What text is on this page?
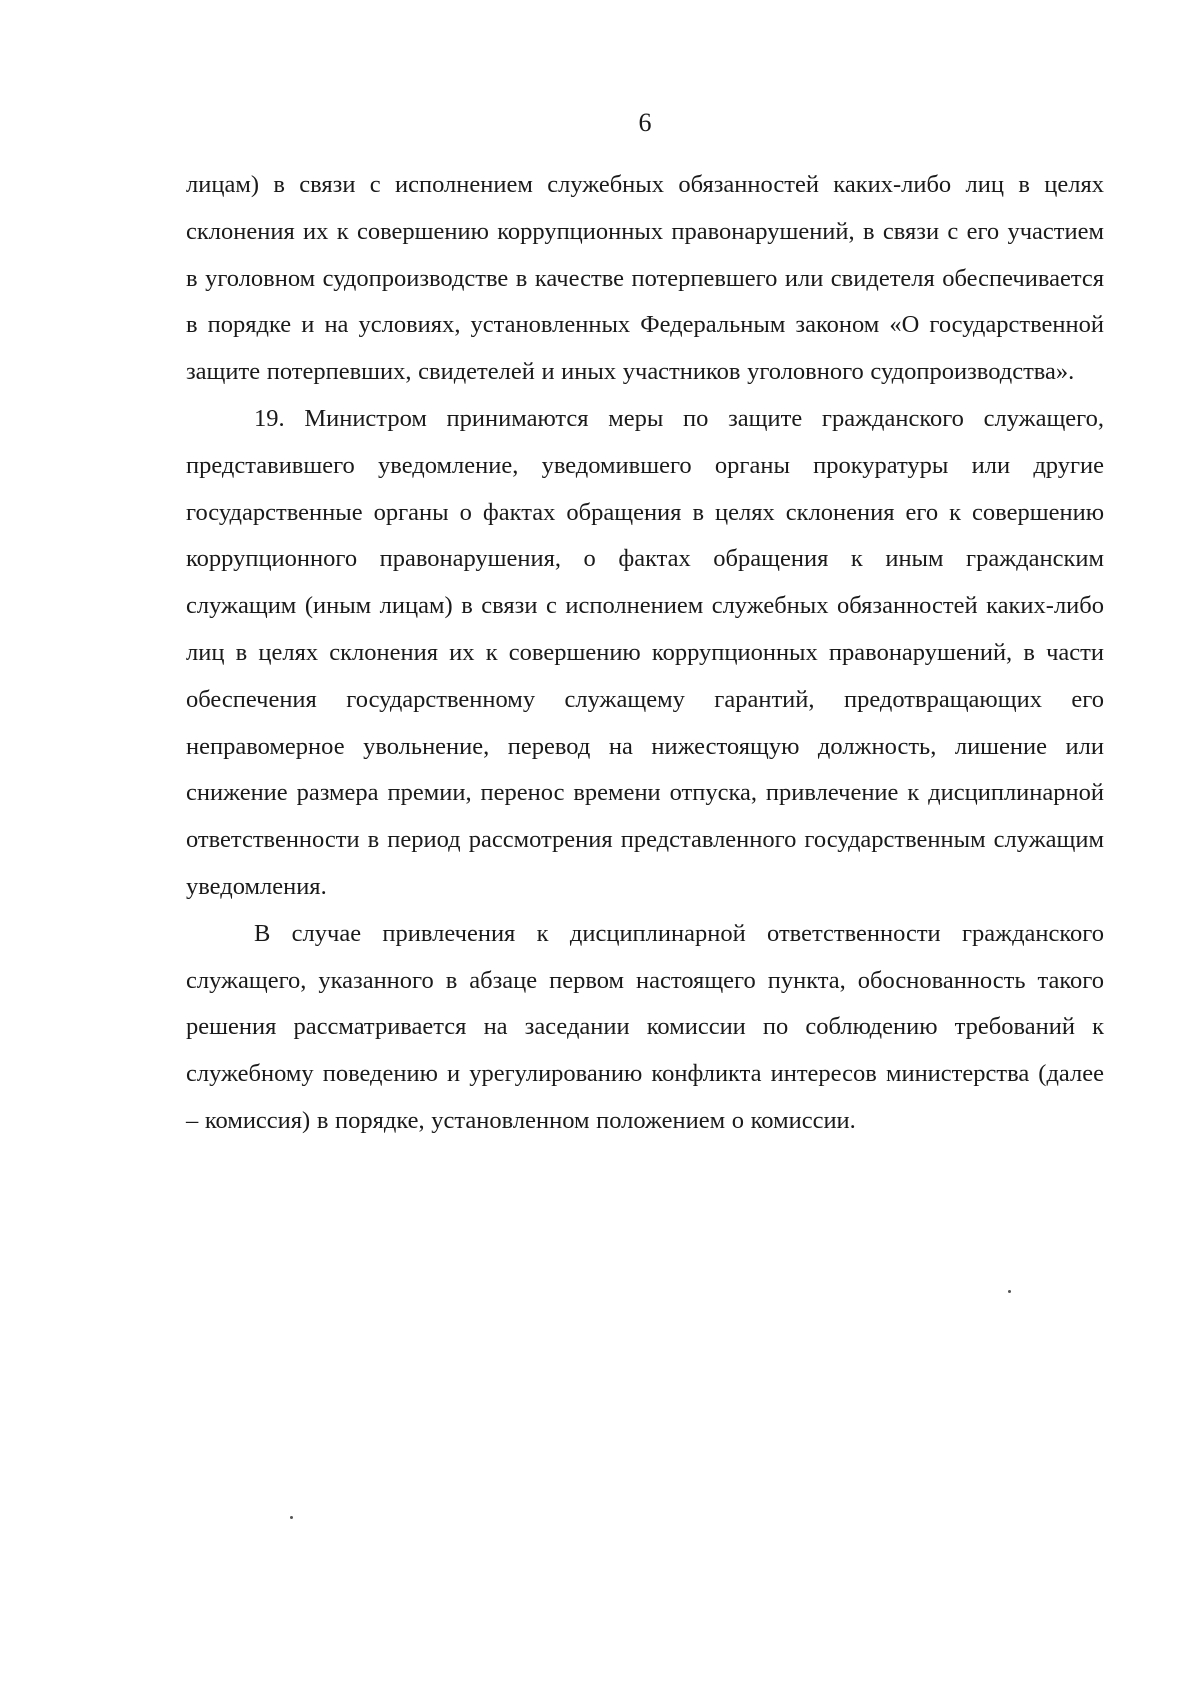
6

лицам) в связи с исполнением служебных обязанностей каких-либо лиц в целях склонения их к совершению коррупционных правонарушений, в связи с его участием в уголовном судопроизводстве в качестве потерпевшего или свидетеля обеспечивается в порядке и на условиях, установленных Федеральным законом «О государственной защите потерпевших, свидетелей и иных участников уголовного судопроизводства».

19. Министром принимаются меры по защите гражданского служащего, представившего уведомление, уведомившего органы прокуратуры или другие государственные органы о фактах обращения в целях склонения его к совершению коррупционного правонарушения, о фактах обращения к иным гражданским служащим (иным лицам) в связи с исполнением служебных обязанностей каких-либо лиц в целях склонения их к совершению коррупционных правонарушений, в части обеспечения государственному служащему гарантий, предотвращающих его неправомерное увольнение, перевод на нижестоящую должность, лишение или снижение размера премии, перенос времени отпуска, привлечение к дисциплинарной ответственности в период рассмотрения представленного государственным служащим уведомления.

В случае привлечения к дисциплинарной ответственности гражданского служащего, указанного в абзаце первом настоящего пункта, обоснованность такого решения рассматривается на заседании комиссии по соблюдению требований к служебному поведению и урегулированию конфликта интересов министерства (далее – комиссия) в порядке, установленном положением о комиссии.
